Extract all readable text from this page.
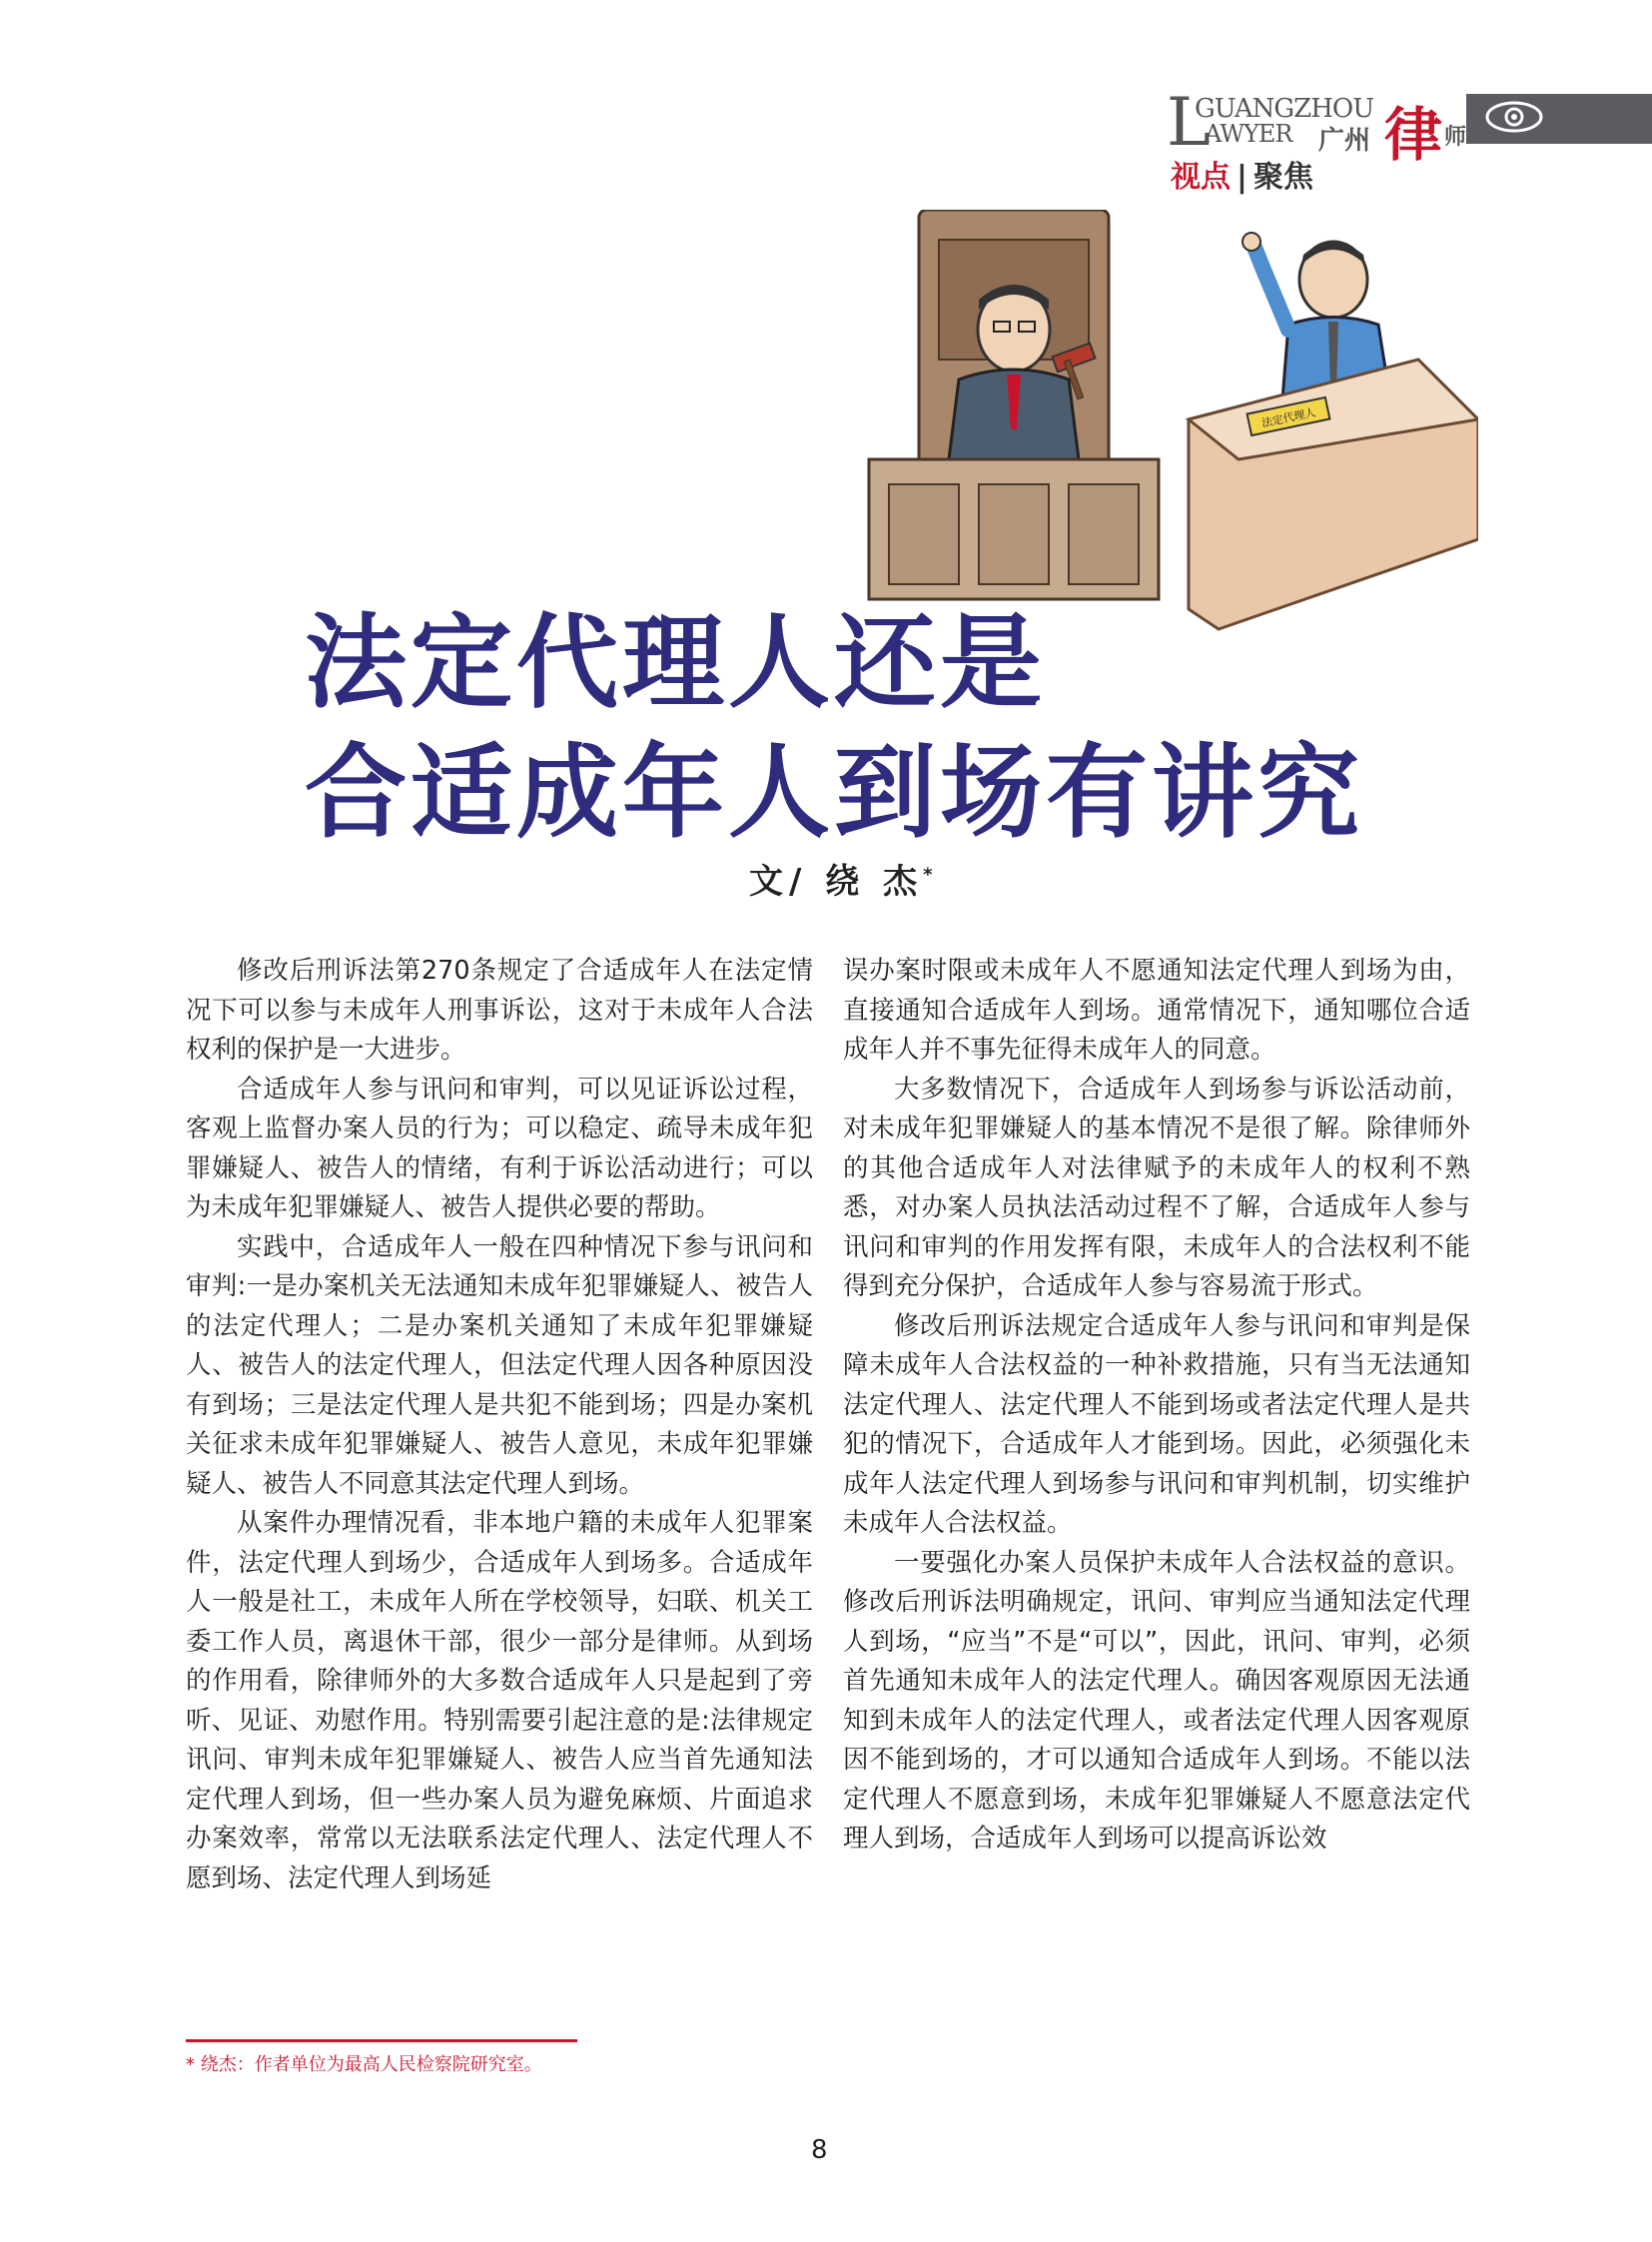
L
GUANGZHOU
AWYER 广州 律 师
视点 | 聚焦
法定代理人
法定代理人还是
合适成年人到场有讲究
文/ 绕 杰*

修改后刑诉法第270条规定了合适成年人在法定情况下可以参与未成年人刑事诉讼，这对于未成年人合法权利的保护是一大进步。

合适成年人参与讯问和审判，可以见证诉讼过程，客观上监督办案人员的行为；可以稳定、疏导未成年犯罪嫌疑人、被告人的情绪，有利于诉讼活动进行；可以为未成年犯罪嫌疑人、被告人提供必要的帮助。

实践中，合适成年人一般在四种情况下参与讯问和审判:一是办案机关无法通知未成年犯罪嫌疑人、被告人的法定代理人；二是办案机关通知了未成年犯罪嫌疑人、被告人的法定代理人，但法定代理人因各种原因没有到场；三是法定代理人是共犯不能到场；四是办案机关征求未成年犯罪嫌疑人、被告人意见，未成年犯罪嫌疑人、被告人不同意其法定代理人到场。

从案件办理情况看，非本地户籍的未成年人犯罪案件，法定代理人到场少，合适成年人到场多。合适成年人一般是社工，未成年人所在学校领导，妇联、机关工委工作人员，离退休干部，很少一部分是律师。从到场的作用看，除律师外的大多数合适成年人只是起到了旁听、见证、劝慰作用。特别需要引起注意的是:法律规定讯问、审判未成年犯罪嫌疑人、被告人应当首先通知法定代理人到场，但一些办案人员为避免麻烦、片面追求办案效率，常常以无法联系法定代理人、法定代理人不愿到场、法定代理人到场延

误办案时限或未成年人不愿通知法定代理人到场为由，直接通知合适成年人到场。通常情况下，通知哪位合适成年人并不事先征得未成年人的同意。

大多数情况下，合适成年人到场参与诉讼活动前，对未成年犯罪嫌疑人的基本情况不是很了解。除律师外的其他合适成年人对法律赋予的未成年人的权利不熟悉，对办案人员执法活动过程不了解，合适成年人参与讯问和审判的作用发挥有限，未成年人的合法权利不能得到充分保护，合适成年人参与容易流于形式。

修改后刑诉法规定合适成年人参与讯问和审判是保障未成年人合法权益的一种补救措施，只有当无法通知法定代理人、法定代理人不能到场或者法定代理人是共犯的情况下，合适成年人才能到场。因此，必须强化未成年人法定代理人到场参与讯问和审判机制，切实维护未成年人合法权益。

一要强化办案人员保护未成年人合法权益的意识。修改后刑诉法明确规定，讯问、审判应当通知法定代理人到场，“应当”不是“可以”，因此，讯问、审判，必须首先通知未成年人的法定代理人。确因客观原因无法通知到未成年人的法定代理人，或者法定代理人因客观原因不能到场的，才可以通知合适成年人到场。不能以法定代理人不愿意到场，未成年犯罪嫌疑人不愿意法定代理人到场，合适成年人到场可以提高诉讼效

* 绕杰：作者单位为最高人民检察院研究室。
8
